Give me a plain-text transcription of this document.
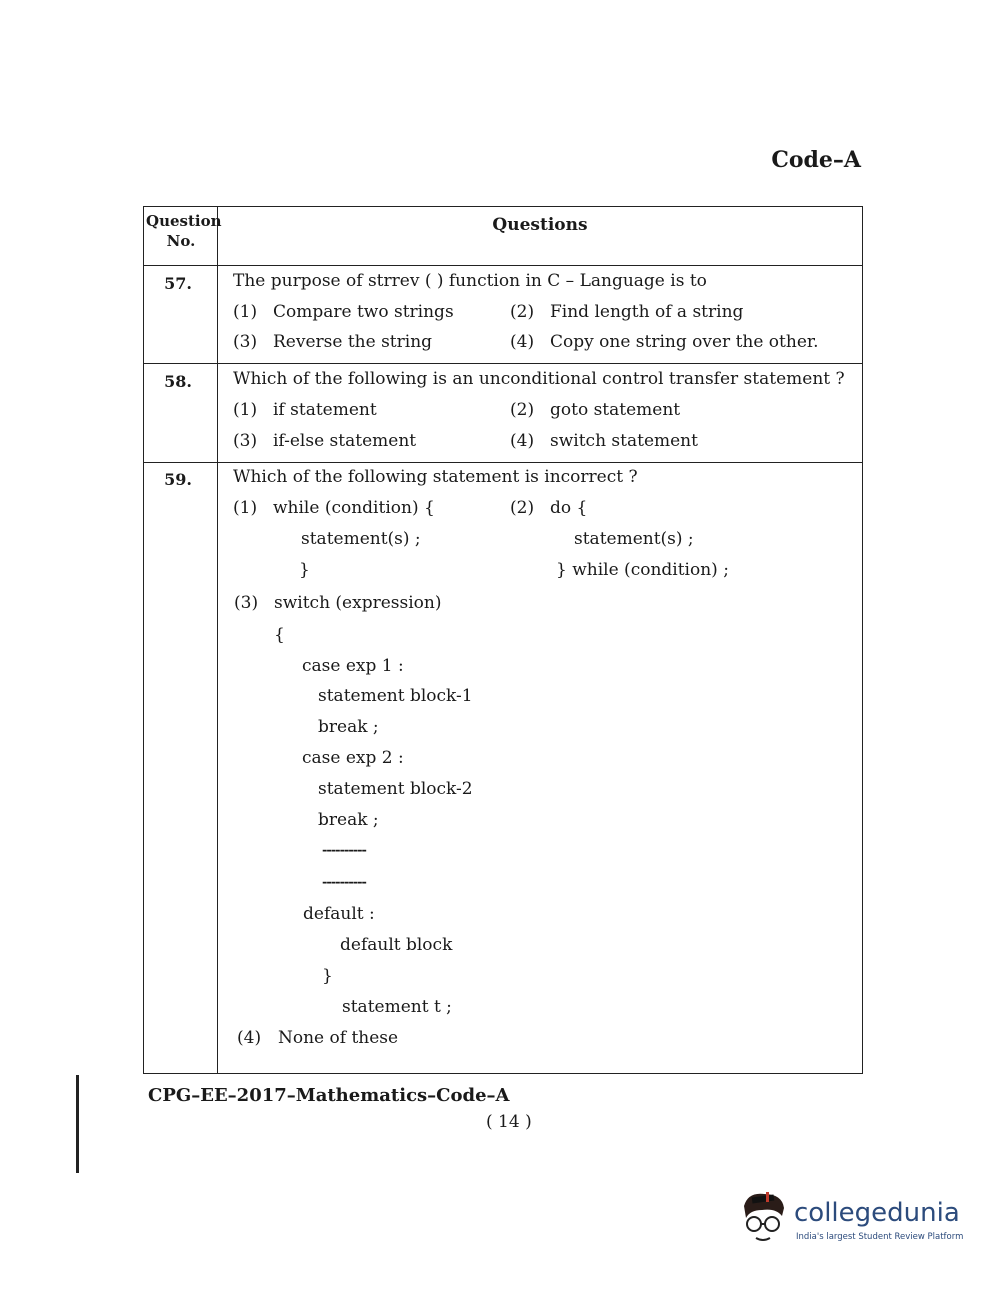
Code–A
Question No.
Questions
57.	The purpose of strrev ( ) function in C – Language is to
(1) Compare two strings	(2) Find length of a string
(3) Reverse the string	(4) Copy one string over the other.
58.	Which of the following is an unconditional control transfer statement ?
(1) if statement	(2) goto statement
(3) if-else statement	(4) switch statement
59.	Which of the following statement is incorrect ?
(1) while (condition) {
statement(s) ;
}
(2) do {
statement(s) ;
} while (condition) ;
(3) switch (expression)
{
case exp 1 :
statement block-1
break ;
case exp 2 :
statement block-2
break ;
----------
----------
default :
default block
}
statement t ;
(4) None of these
CPG–EE–2017–Mathematics–Code–A
( 14 )
collegedunia
India's largest Student Review Platform
